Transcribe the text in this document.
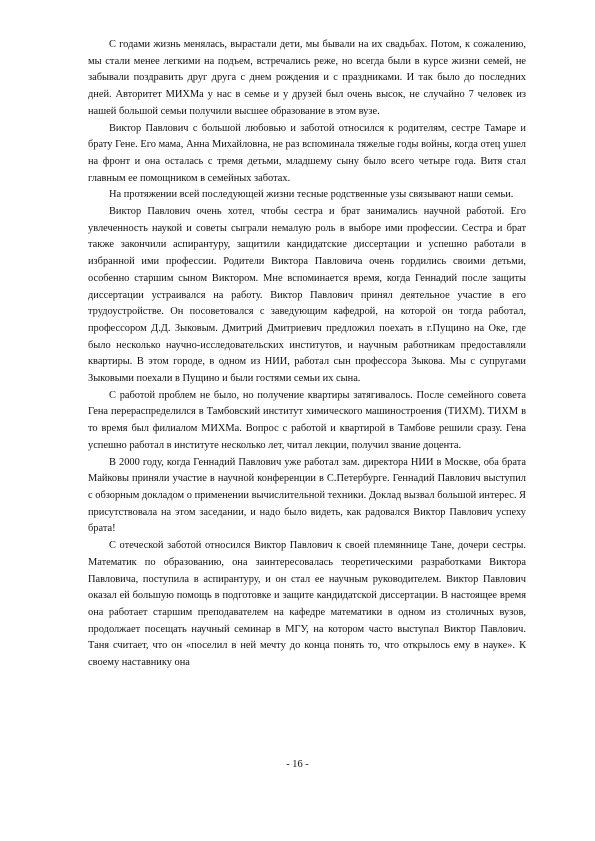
С годами жизнь менялась, вырастали дети, мы бывали на их свадьбах. Потом, к сожалению, мы стали менее легкими на подъем, встречались реже, но всегда были в курсе жизни семей, не забывали поздравить друг друга с днем рождения и с праздниками. И так было до последних дней. Авторитет МИХМа у нас в семье и у друзей был очень высок, не случайно 7 человек из нашей большой семьи получили высшее образование в этом вузе.

Виктор Павлович с большой любовью и заботой относился к родителям, сестре Тамаре и брату Гене. Его мама, Анна Михайловна, не раз вспоминала тяжелые годы войны, когда отец ушел на фронт и она осталась с тремя детьми, младшему сыну было всего четыре года. Витя стал главным ее помощником в семейных заботах.

На протяжении всей последующей жизни тесные родственные узы связывают наши семьи.

Виктор Павлович очень хотел, чтобы сестра и брат занимались научной работой. Его увлеченность наукой и советы сыграли немалую роль в выборе ими профессии. Сестра и брат также закончили аспирантуру, защитили кандидатские диссертации и успешно работали в избранной ими профессии. Родители Виктора Павловича очень гордились своими детьми, особенно старшим сыном Виктором. Мне вспоминается время, когда Геннадий после защиты диссертации устраивался на работу. Виктор Павлович принял деятельное участие в его трудоустройстве. Он посоветовался с заведующим кафедрой, на которой он тогда работал, профессором Д.Д. Зыковым. Дмитрий Дмитриевич предложил поехать в г.Пущино на Оке, где было несколько научно-исследовательских институтов, и научным работникам предоставляли квартиры. В этом городе, в одном из НИИ, работал сын профессора Зыкова. Мы с супругами Зыковыми поехали в Пущино и были гостями семьи их сына.

С работой проблем не было, но получение квартиры затягивалось. После семейного совета Гена перераспределился в Тамбовский институт химического машиностроения (ТИХМ). ТИХМ в то время был филиалом МИХМа. Вопрос с работой и квартирой в Тамбове решили сразу. Гена успешно работал в институте несколько лет, читал лекции, получил звание доцента.

В 2000 году, когда Геннадий Павлович уже работал зам. директора НИИ в Москве, оба брата Майковы приняли участие в научной конференции в С.Петербурге. Геннадий Павлович выступил с обзорным докладом о применении вычислительной техники. Доклад вызвал большой интерес. Я присутствовала на этом заседании, и надо было видеть, как радовался Виктор Павлович успеху брата!

С отеческой заботой относился Виктор Павлович к своей племяннице Тане, дочери сестры. Математик по образованию, она заинтересовалась теоретическими разработками Виктора Павловича, поступила в аспирантуру, и он стал ее научным руководителем. Виктор Павлович оказал ей большую помощь в подготовке и защите кандидатской диссертации. В настоящее время она работает старшим преподавателем на кафедре математики в одном из столичных вузов, продолжает посещать научный семинар в МГУ, на котором часто выступал Виктор Павлович. Таня считает, что он «поселил в ней мечту до конца понять то, что открылось ему в науке». К своему наставнику она

- 16 -
